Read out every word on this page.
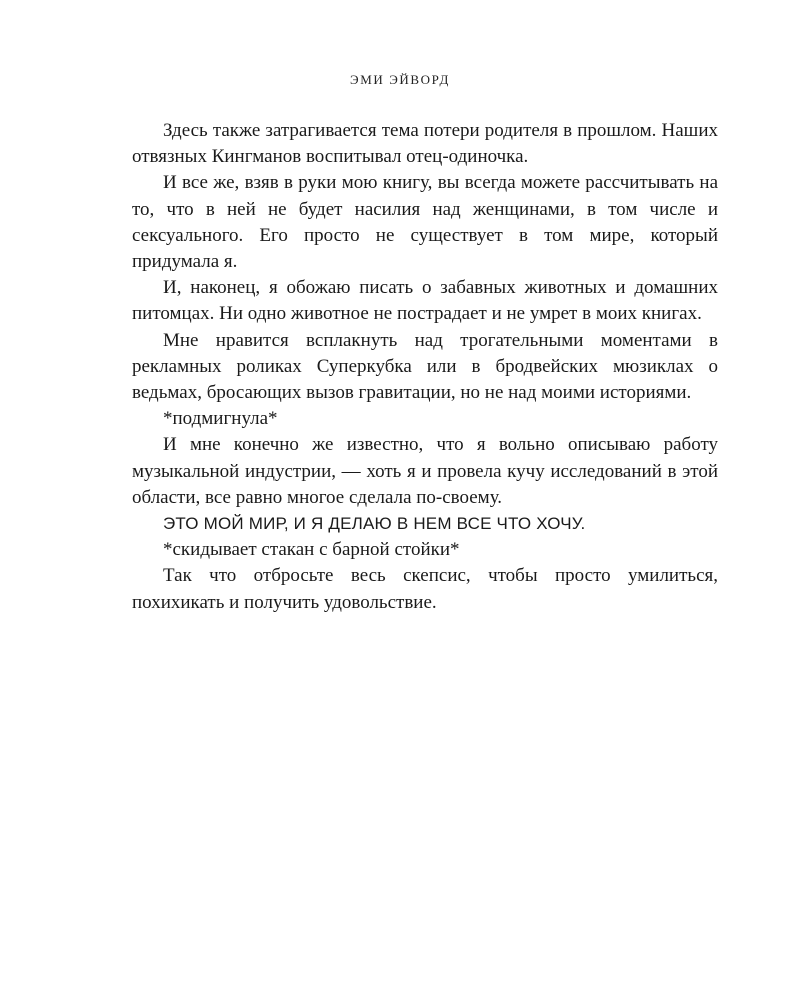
ЭМИ ЭЙВОРД

Здесь также затрагивается тема потери родителя в прошлом. Наших отвязных Кингманов воспитывал отец-одиночка.

И все же, взяв в руки мою книгу, вы всегда можете рассчитывать на то, что в ней не будет насилия над женщинами, в том числе и сексуального. Его просто не существует в том мире, который придумала я.

И, наконец, я обожаю писать о забавных животных и домашних питомцах. Ни одно животное не пострадает и не умрет в моих книгах.

Мне нравится всплакнуть над трогательными моментами в рекламных роликах Суперкубка или в бродвейских мюзиклах о ведьмах, бросающих вызов гравитации, но не над моими историями.

*подмигнула*

И мне конечно же известно, что я вольно описываю работу музыкальной индустрии, — хоть я и провела кучу исследований в этой области, все равно многое сделала по-своему.

ЭТО МОЙ МИР, И Я ДЕЛАЮ В НЕМ ВСЕ ЧТО ХОЧУ.

*скидывает стакан с барной стойки*

Так что отбросьте весь скепсис, чтобы просто умилиться, похихикать и получить удовольствие.
